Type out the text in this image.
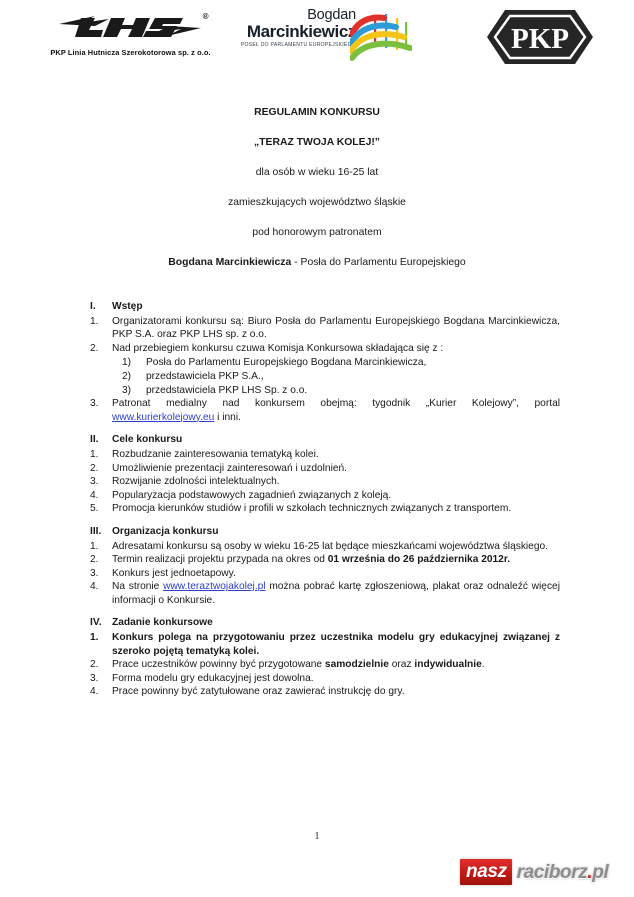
®
PKP Linia Hutnicza Szerokotorowa sp. z o.o.
Bogdan
Marcinkiewicz
POSEŁ DO PARLAMENTU EUROPEJSKIEGO	PKP
REGULAMIN KONKURSU
„TERAZ TWOJA KOLEJ!”
dla osób w wieku 16-25 lat
zamieszkujących województwo śląskie
pod honorowym patronatem
Bogdana Marcinkiewicza - Posła do Parlamentu Europejskiego
I.	Wstęp
1.	Organizatorami konkursu są: Biuro Posła do Parlamentu Europejskiego Bogdana Marcinkiewicza, PKP S.A. oraz PKP LHS sp. z o.o.
2.	Nad przebiegiem konkursu czuwa Komisja Konkursowa składająca się z :
1)	Posła do Parlamentu Europejskiego Bogdana Marcinkiewicza,
2)	przedstawiciela PKP S.A.,
3)	przedstawiciela PKP LHS Sp. z o.o.
3.	Patronat medialny nad konkursem obejmą: tygodnik „Kurier Kolejowy”, portal www.kurierkolejowy.eu i inni.
II.	Cele konkursu
1.	Rozbudzanie zainteresowania tematyką kolei.
2.	Umożliwienie prezentacji zainteresowań i uzdolnień.
3.	Rozwijanie zdolności intelektualnych.
4.	Popularyzacja podstawowych zagadnień związanych z koleją.
5.	Promocja kierunków studiów i profili w szkołach technicznych związanych z transportem.
III.	Organizacja konkursu
1.	Adresatami konkursu są osoby w wieku 16-25 lat będące mieszkańcami województwa śląskiego.
2.	Termin realizacji projektu przypada na okres od 01 września do 26 października 2012r.
3.	Konkurs jest jednoetapowy.
4.	Na stronie www.teraztwojakolej.pl można pobrać kartę zgłoszeniową, plakat oraz odnaleźć więcej informacji o Konkursie.
IV.	Zadanie konkursowe
1.	Konkurs polega na przygotowaniu przez uczestnika modelu gry edukacyjnej związanej z szeroko pojętą tematyką kolei.
2.	Prace uczestników powinny być przygotowane samodzielnie oraz indywidualnie.
3.	Forma modelu gry edukacyjnej jest dowolna.
4.	Prace powinny być zatytułowane oraz zawierać instrukcję do gry.
1
nasz raciborz.pl
